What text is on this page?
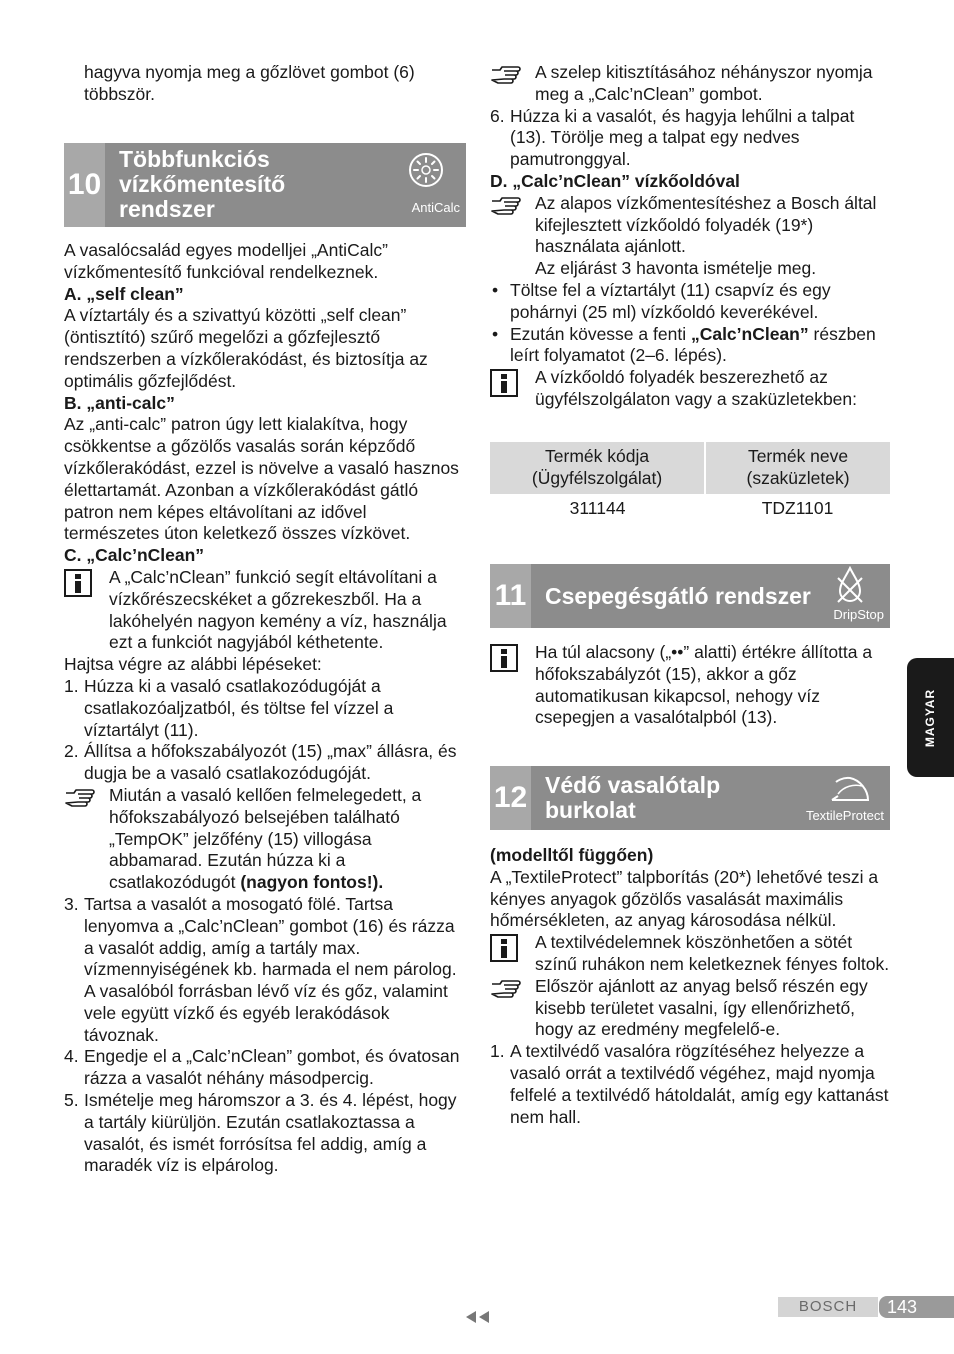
hagyva nyomja meg a gőzlövet gombot (6) többször.

10
Többfunkciós vízkőmentesítő rendszer	AntiCalc

A vasalócsalád egyes modelljei „AntiCalc” vízkőmentesítő funkcióval rendelkeznek.

A. „self clean”

A víztartály és a szivattyú közötti „self clean” (öntisztító) szűrő megelőzi a gőzfejlesztő rendszerben a vízkőlerakódást, és biztosítja az optimális gőzfejlődést.

B. „anti-calc”

Az „anti-calc” patron úgy lett kialakítva, hogy csökkentse a gőzölős vasalás során képződő vízkőlerakódást, ezzel is növelve a vasaló hasznos élettartamát. Azonban a vízkőlerakódást gátló patron nem képes eltávolítani az idővel természetes úton keletkező összes vízkövet.

C. „Calc’nClean”

A „Calc’nClean” funkció segít eltávolítani a vízkőrészecskéket a gőzrekeszből. Ha a lakóhelyén nagyon kemény a víz, használja ezt a funkciót nagyjából kéthetente.

Hajtsa végre az alábbi lépéseket:

1. Húzza ki a vasaló csatlakozódugóját a csatlakozóaljzatból, és töltse fel vízzel a víztartályt (11).

2. Állítsa a hőfokszabályozót (15) „max” állásra, és dugja be a vasaló csatlakozódugóját.

Miután a vasaló kellően felmelegedett, a hőfokszabályozó belsejében található „TempOK” jelzőfény (15) villogása abbamarad. Ezután húzza ki a csatlakozódugót (nagyon fontos!).

3. Tartsa a vasalót a mosogató fölé. Tartsa lenyomva a „Calc’nClean” gombot (16) és rázza a vasalót addig, amíg a tartály max. vízmennyiségének kb. harmada el nem párolog. A vasalóból forrásban lévő víz és gőz, valamint vele együtt vízkő és egyéb lerakódások távoznak.

4. Engedje el a „Calc’nClean” gombot, és óvatosan rázza a vasalót néhány másodpercig.

5. Ismételje meg háromszor a 3. és 4. lépést, hogy a tartály kiürüljön. Ezután csatlakoztassa a vasalót, és ismét forrósítsa fel addig, amíg a maradék víz is elpárolog.

A szelep kitisztításához néhányszor nyomja meg a „Calc’nClean” gombot.

6. Húzza ki a vasalót, és hagyja lehűlni a talpat (13). Törölje meg a talpat egy nedves pamutronggyal.

D. „Calc’nClean” vízkőoldóval

Az alapos vízkőmentesítéshez a Bosch által kifejlesztett vízkőoldó folyadék (19*) használata ajánlott.

Az eljárást 3 havonta ismételje meg.

• Töltse fel a víztartályt (11) csapvíz és egy pohárnyi (25 ml) vízkőoldó keverékével.

• Ezután kövesse a fenti „Calc’nClean” részben leírt folyamatot (2–6. lépés).

A vízkőoldó folyadék beszerezhető az ügyfélszolgálaton vagy a szaküzletekben:

Termék kódja (Ügyfélszolgálat)	Termék neve (szaküzletek)
311144	TDZ1101
11 Csepegésgátló rendszer
DripStop

Ha túl alacsony („••” alatti) értékre állította a hőfokszabályzót (15), akkor a gőz automatikusan kikapcsol, nehogy víz csepegjen a vasalótalpból (13).

12 Védő vasalótalp burkolat	TextileProtect

(modelltől függően)

A „TextileProtect” talpborítás (20*) lehetővé teszi a kényes anyagok gőzölős vasalását maximális hőmérsékleten, az anyag károsodása nélkül.

A textilvédelemnek köszönhetően a sötét színű ruhákon nem keletkeznek fényes foltok.

Először ajánlott az anyag belső részén egy kisebb területet vasalni, így ellenőrizhető, hogy az eredmény megfelelő-e.

1. A textilvédő vasalóra rögzítéséhez helyezze a vasaló orrát a textilvédő végéhez, majd nyomja felfelé a textilvédő hátoldalát, amíg egy kattanást nem hall.

MAGYAR
BOSCH	143
